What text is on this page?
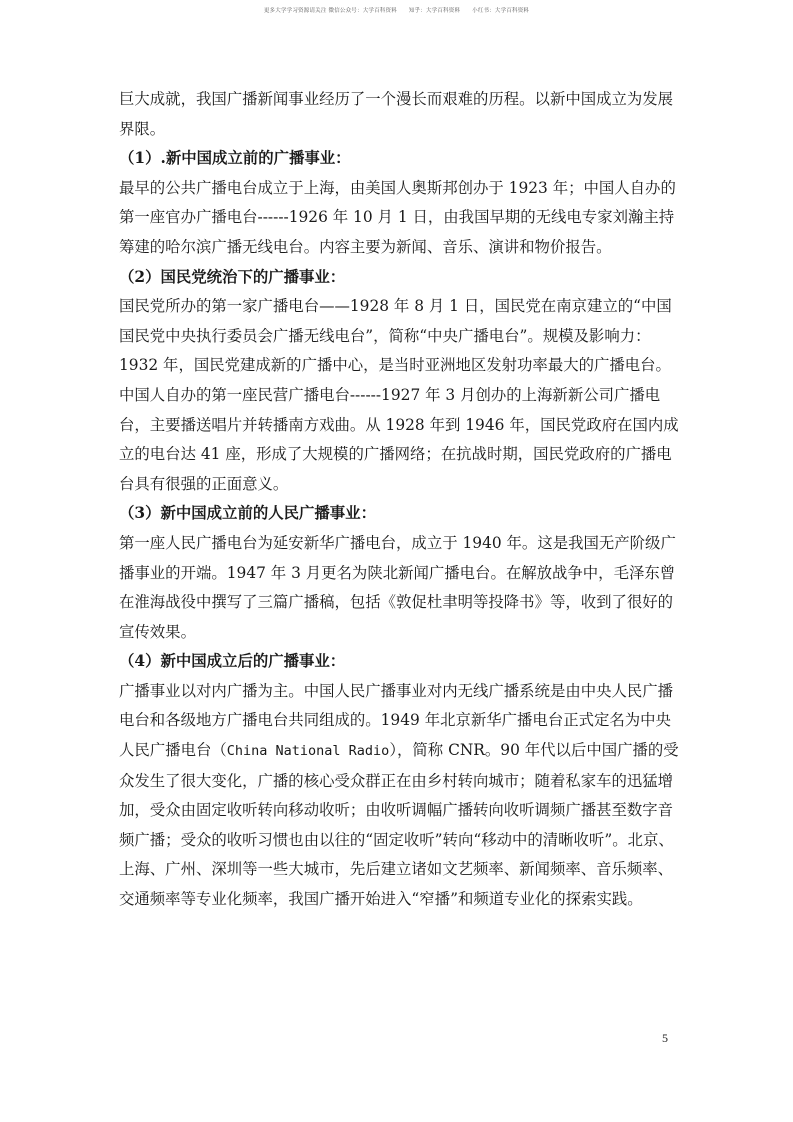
更多大学学习资源请关注 微信公众号：大学百科资料 知乎：大学百科资料 小红书：大学百科资料

巨大成就，我国广播新闻事业经历了一个漫长而艰难的历程。以新中国成立为发展界限。

（1）.新中国成立前的广播事业：

最早的公共广播电台成立于上海，由美国人奥斯邦创办于 1923 年；中国人自办的第一座官办广播电台------1926 年 10 月 1 日，由我国早期的无线电专家刘瀚主持筹建的哈尔滨广播无线电台。内容主要为新闻、音乐、演讲和物价报告。

（2）国民党统治下的广播事业：

国民党所办的第一家广播电台——1928 年 8 月 1 日，国民党在南京建立的“中国国民党中央执行委员会广播无线电台”，简称“中央广播电台”。规模及影响力：1932 年，国民党建成新的广播中心，是当时亚洲地区发射功率最大的广播电台。

中国人自办的第一座民营广播电台------1927 年 3 月创办的上海新新公司广播电台，主要播送唱片并转播南方戏曲。从 1928 年到 1946 年，国民党政府在国内成立的电台达 41 座，形成了大规模的广播网络；在抗战时期，国民党政府的广播电台具有很强的正面意义。

（3）新中国成立前的人民广播事业：

第一座人民广播电台为延安新华广播电台，成立于 1940 年。这是我国无产阶级广播事业的开端。1947 年 3 月更名为陕北新闻广播电台。在解放战争中，毛泽东曾在淮海战役中撰写了三篇广播稿，包括《敦促杜聿明等投降书》等，收到了很好的宣传效果。

（4）新中国成立后的广播事业：

广播事业以对内广播为主。中国人民广播事业对内无线广播系统是由中央人民广播电台和各级地方广播电台共同组成的。1949 年北京新华广播电台正式定名为中央人民广播电台（China National Radio），简称 CNR。90 年代以后中国广播的受众发生了很大变化，广播的核心受众群正在由乡村转向城市；随着私家车的迅猛增加，受众由固定收听转向移动收听；由收听调幅广播转向收听调频广播甚至数字音频广播；受众的收听习惯也由以往的“固定收听”转向“移动中的清晰收听”。北京、上海、广州、深圳等一些大城市，先后建立诸如文艺频率、新闻频率、音乐频率、交通频率等专业化频率，我国广播开始进入“窄播”和频道专业化的探索实践。

5
